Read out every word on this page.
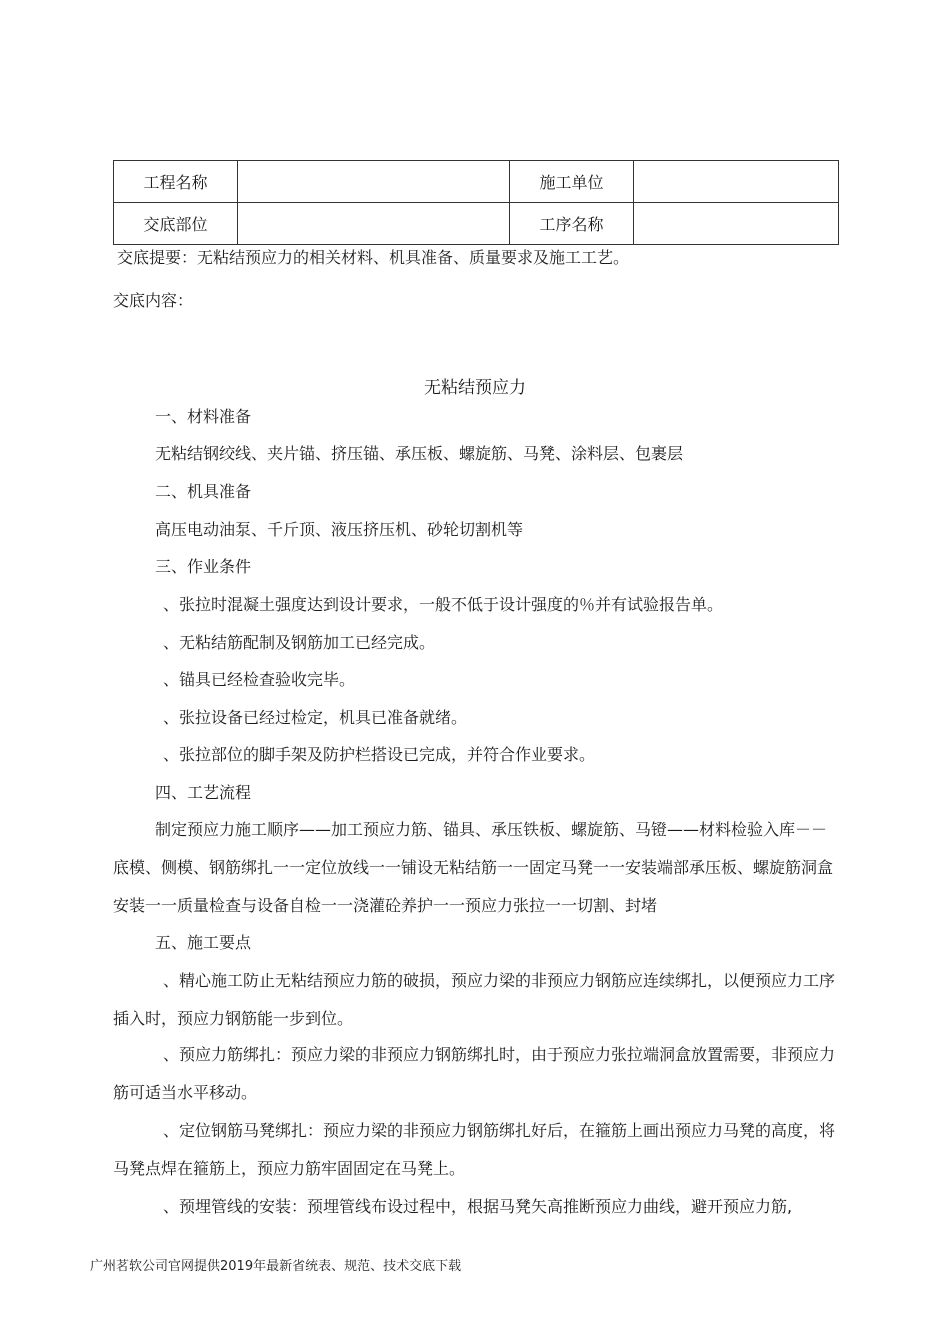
工程名称		施工单位	
交底部位		工序名称	
交底提要：无粘结预应力的相关材料、机具准备、质量要求及施工工艺。
交底内容：
无粘结预应力
一、材料准备
无粘结钢绞线、夹片锚、挤压锚、承压板、螺旋筋、马凳、涂料层、包裹层
二、机具准备
高压电动油泵、千斤顶、液压挤压机、砂轮切割机等
三、作业条件
、张拉时混凝土强度达到设计要求，一般不低于设计强度的％并有试验报告单。
、无粘结筋配制及钢筋加工已经完成。
、锚具已经检查验收完毕。
、张拉设备已经过检定，机具已准备就绪。
、张拉部位的脚手架及防护栏搭设已完成，并符合作业要求。
四、工艺流程
制定预应力施工顺序——加工预应力筋、锚具、承压铁板、螺旋筋、马镫——材料检验入库－－底模、侧模、钢筋绑扎一一定位放线一一铺设无粘结筋一一固定马凳一一安装端部承压板、螺旋筋洞盒安装一一质量检查与设备自检一一浇灌砼养护一一预应力张拉一一切割、封堵
五、施工要点
、精心施工防止无粘结预应力筋的破损，预应力梁的非预应力钢筋应连续绑扎，以便预应力工序插入时，预应力钢筋能一步到位。
、预应力筋绑扎：预应力梁的非预应力钢筋绑扎时，由于预应力张拉端洞盒放置需要，非预应力筋可适当水平移动。
、定位钢筋马凳绑扎：预应力梁的非预应力钢筋绑扎好后，在箍筋上画出预应力马凳的高度，将马凳点焊在箍筋上，预应力筋牢固固定在马凳上。
、预埋管线的安装：预埋管线布设过程中，根据马凳矢高推断预应力曲线，避开预应力筋,
广州茗软公司官网提供2019年最新省统表、规范、技术交底下载
